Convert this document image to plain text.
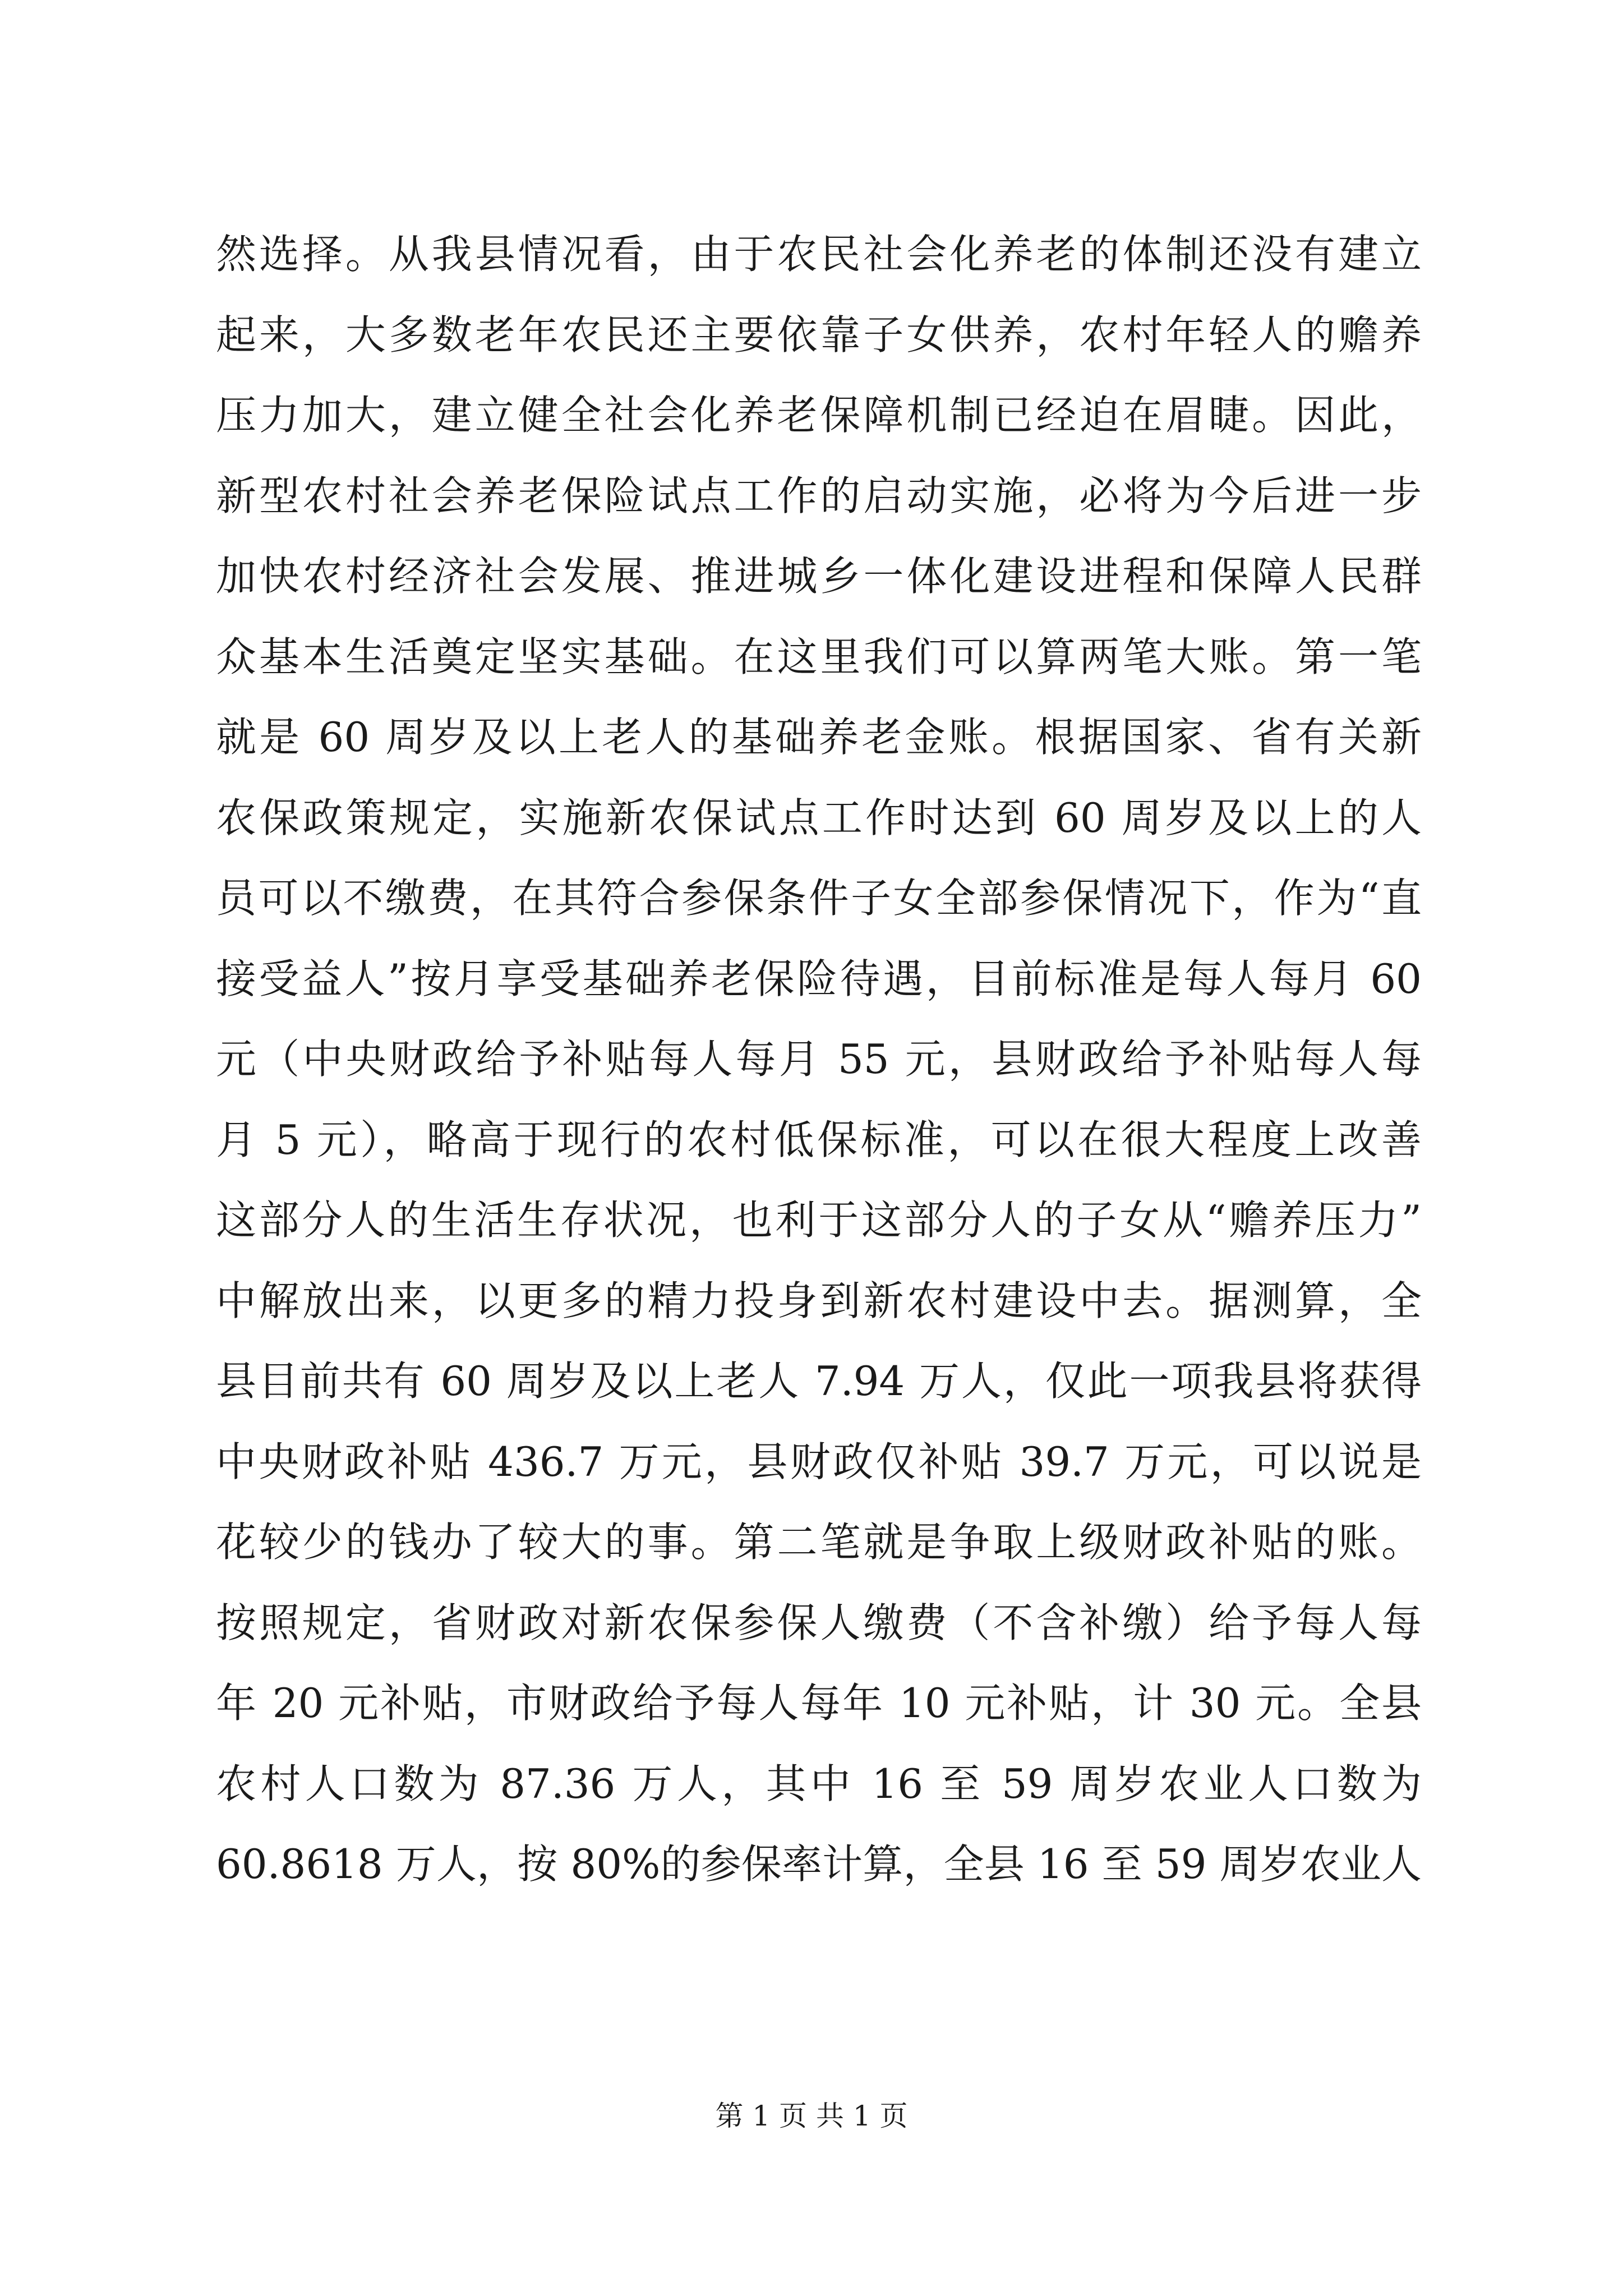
然选择。从我县情况看，由于农民社会化养老的体制还没有建立
起来，大多数老年农民还主要依靠子女供养，农村年轻人的赡养
压力加大，建立健全社会化养老保障机制已经迫在眉睫。因此，
新型农村社会养老保险试点工作的启动实施，必将为今后进一步
加快农村经济社会发展、推进城乡一体化建设进程和保障人民群
众基本生活奠定坚实基础。在这里我们可以算两笔大账。第一笔
就是 60 周岁及以上老人的基础养老金账。根据国家、省有关新
农保政策规定，实施新农保试点工作时达到 60 周岁及以上的人
员可以不缴费，在其符合参保条件子女全部参保情况下，作为“直
接受益人”按月享受基础养老保险待遇，目前标准是每人每月 60
元（中央财政给予补贴每人每月 55 元，县财政给予补贴每人每
月 5 元），略高于现行的农村低保标准，可以在很大程度上改善
这部分人的生活生存状况，也利于这部分人的子女从“赡养压力”
中解放出来，以更多的精力投身到新农村建设中去。据测算，全
县目前共有 60 周岁及以上老人 7.94 万人，仅此一项我县将获得
中央财政补贴 436.7 万元，县财政仅补贴 39.7 万元，可以说是
花较少的钱办了较大的事。第二笔就是争取上级财政补贴的账。
按照规定，省财政对新农保参保人缴费（不含补缴）给予每人每
年 20 元补贴，市财政给予每人每年 10 元补贴，计 30 元。全县
农村人口数为 87.36 万人，其中 16 至 59 周岁农业人口数为
60.8618 万人，按 80%的参保率计算，全县 16 至 59 周岁农业人
第 1 页 共 1 页
